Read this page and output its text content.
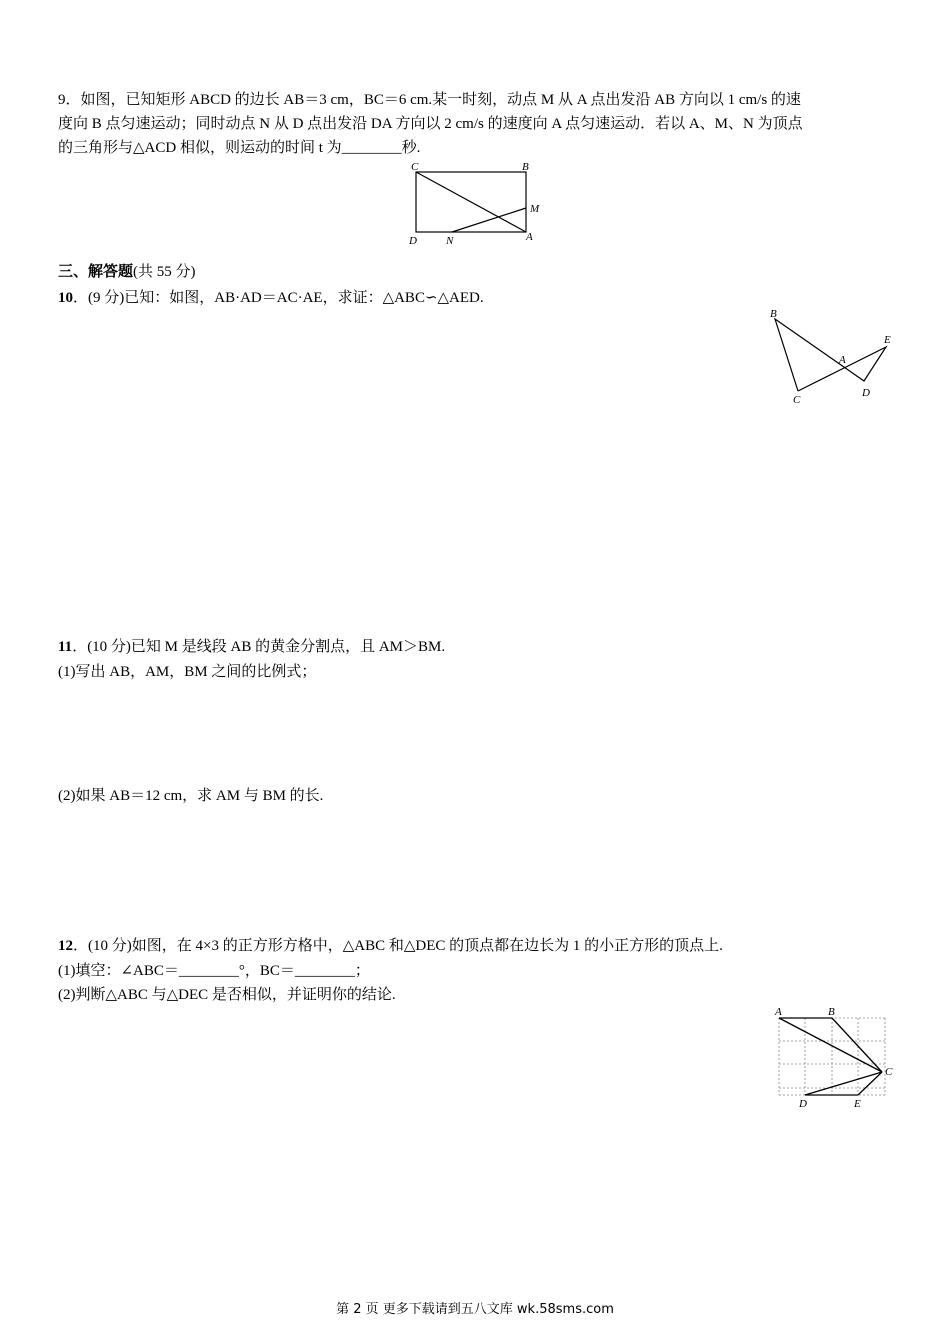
9．如图，已知矩形 ABCD 的边长 AB＝3 cm，BC＝6 cm.某一时刻，动点 M 从 A 点出发沿 AB 方向以 1 cm/s 的速

度向 B 点匀速运动；同时动点 N 从 D 点出发沿 DA 方向以 2 cm/s 的速度向 A 点匀速运动．若以 A、M、N 为顶点

的三角形与△ACD 相似，则运动的时间 t 为________秒.

C	B
M
D	N	A
三、解答题(共 55 分)
10．(9 分)已知：如图，AB·AD＝AC·AE，求证：△ABC∽△AED.
B
A
E
C
D
11．(10 分)已知 M 是线段 AB 的黄金分割点，且 AM＞BM.
(1)写出 AB，AM，BM 之间的比例式；
(2)如果 AB＝12 cm，求 AM 与 BM 的长.
12．(10 分)如图，在 4×3 的正方形方格中，△ABC 和△DEC 的顶点都在边长为 1 的小正方形的顶点上.
(1)填空：∠ABC＝________°，BC＝________；
(2)判断△ABC 与△DEC 是否相似，并证明你的结论.
A	B
C
D	E
第 2 页 更多下载请到五八文库 wk.58sms.com
